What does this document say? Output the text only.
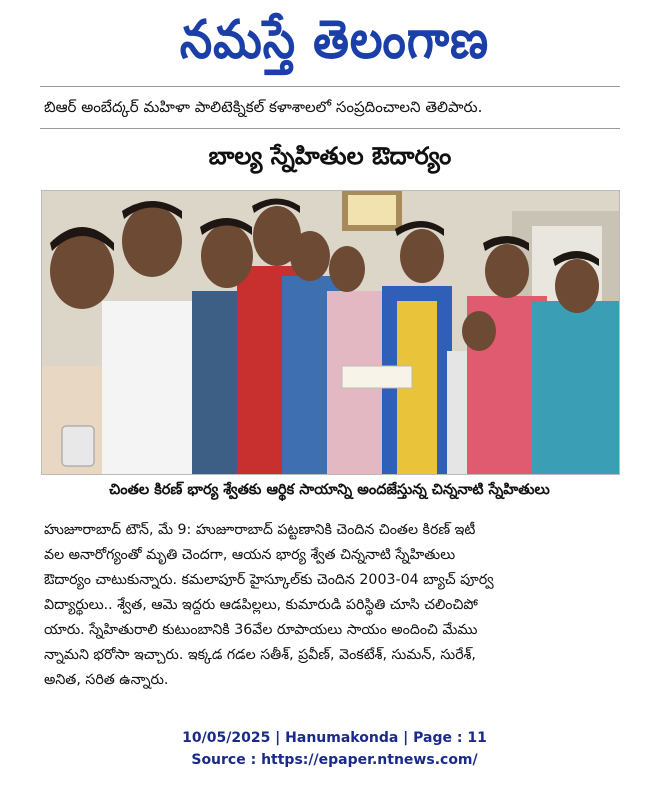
నమస్తే తెలంగాణ
బిఆర్ అంబేద్కర్ మహిళా పాలిటెక్నికల్ కళాశాలలో సంప్రదించాలని తెలిపారు.
బాల్య స్నేహితుల ఔదార్యం
చింతల కిరణ్ భార్య శ్వేతకు ఆర్థిక సాయాన్ని అందజేస్తున్న చిన్ననాటి స్నేహితులు
హుజూరాబాద్ టౌన్, మే 9: హుజూరాబాద్ పట్టణానికి చెందిన చింతల కిరణ్ ఇటీ
వల అనారోగ్యంతో మృతి చెందగా, ఆయన భార్య శ్వేత చిన్ననాటి స్నేహితులు
ఔదార్యం చాటుకున్నారు. కమలాపూర్ హైస్కూల్‌కు చెందిన 2003-04 బ్యాచ్ పూర్వ
విద్యార్థులు.. శ్వేత, ఆమె ఇద్దరు ఆడపిల్లలు, కుమారుడి పరిస్థితి చూసి చలించిపో
యారు. స్నేహితురాలి కుటుంబానికి 36వేల రూపాయలు సాయం అందించి మేము
న్నామని భరోసా ఇచ్చారు. ఇక్కడ గడల సతీశ్, ప్రవీణ్, వెంకటేశ్, సుమన్, సురేశ్,
అనిత, సరిత ఉన్నారు.
10/05/2025 | Hanumakonda | Page : 11
Source : https://epaper.ntnews.com/
